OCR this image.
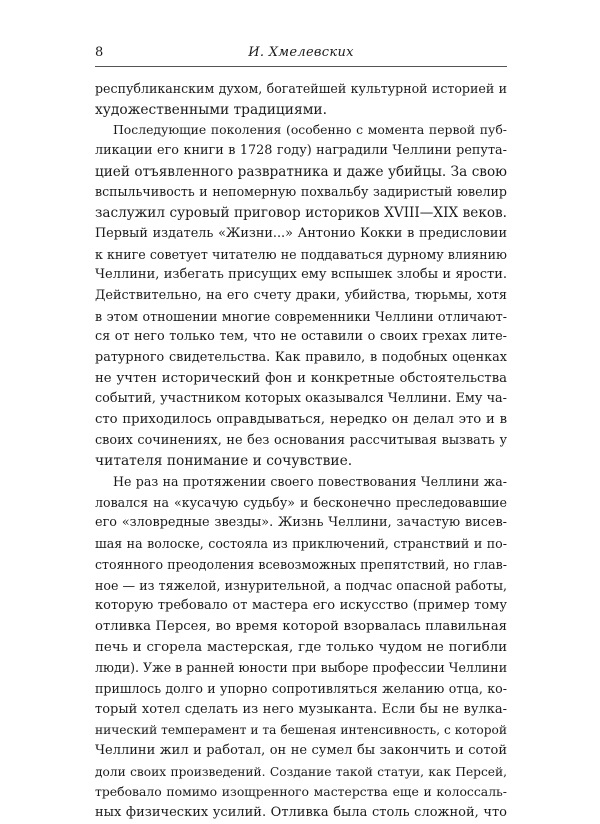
8	И. Хмелевских
республиканским духом, богатейшей культурной историей и
художественными традициями.
Последующие поколения (особенно с момента первой пуб-
ликации его книги в 1728 году) наградили Челлини репута-
цией отъявленного развратника и даже убийцы. За свою
вспыльчивость и непомерную похвальбу задиристый ювелир
заслужил суровый приговор историков XVIII—XIX веков.
Первый издатель «Жизни...» Антонио Кокки в предисловии
к книге советует читателю не поддаваться дурному влиянию
Челлини, избегать присущих ему вспышек злобы и ярости.
Действительно, на его счету драки, убийства, тюрьмы, хотя
в этом отношении многие современники Челлини отличают-
ся от него только тем, что не оставили о своих грехах лите-
ратурного свидетельства. Как правило, в подобных оценках
не учтен исторический фон и конкретные обстоятельства
событий, участником которых оказывался Челлини. Ему ча-
сто приходилось оправдываться, нередко он делал это и в
своих сочинениях, не без основания рассчитывая вызвать у
читателя понимание и сочувствие.
Не раз на протяжении своего повествования Челлини жа-
ловался на «кусачую судьбу» и бесконечно преследовавшие
его «зловредные звезды». Жизнь Челлини, зачастую висев-
шая на волоске, состояла из приключений, странствий и по-
стоянного преодоления всевозможных препятствий, но глав-
ное — из тяжелой, изнурительной, а подчас опасной работы,
которую требовало от мастера его искусство (пример тому
отливка Персея, во время которой взорвалась плавильная
печь и сгорела мастерская, где только чудом не погибли
люди). Уже в ранней юности при выборе профессии Челлини
пришлось долго и упорно сопротивляться желанию отца, ко-
торый хотел сделать из него музыканта. Если бы не вулка-
нический темперамент и та бешеная интенсивность, с которой
Челлини жил и работал, он не сумел бы закончить и сотой
доли своих произведений. Создание такой статуи, как Персей,
требовало помимо изощренного мастерства еще и колоссаль-
ных физических усилий. Отливка была столь сложной, что
